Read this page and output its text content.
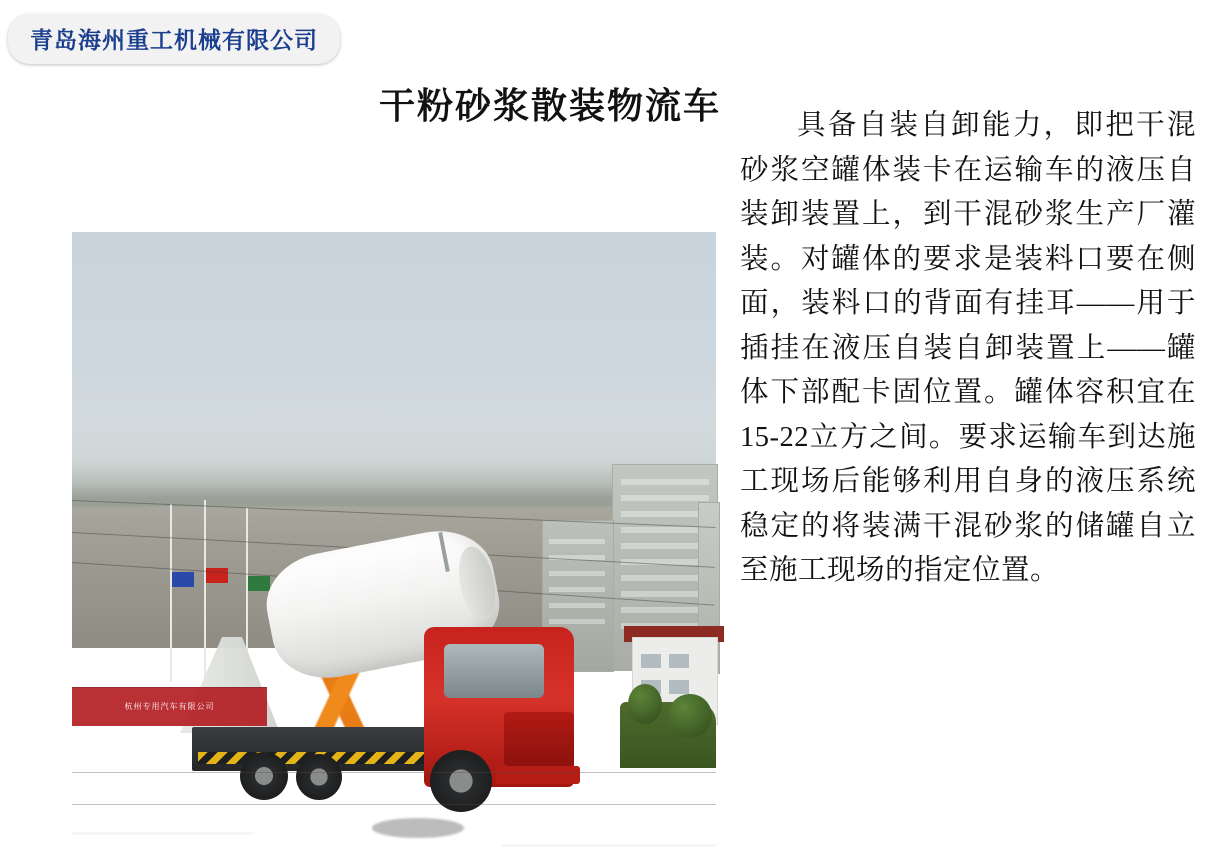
青岛海州重工机械有限公司
干粉砂浆散装物流车
杭州专用汽车有限公司
具备自装自卸能力，即把干混砂浆空罐体装卡在运输车的液压自装卸装置上，到干混砂浆生产厂灌装。对罐体的要求是装料口要在侧面，装料口的背面有挂耳——用于插挂在液压自装自卸装置上——罐体下部配卡固位置。罐体容积宜在15-22立方之间。要求运输车到达施工现场后能够利用自身的液压系统稳定的将装满干混砂浆的储罐自立至施工现场的指定位置。
